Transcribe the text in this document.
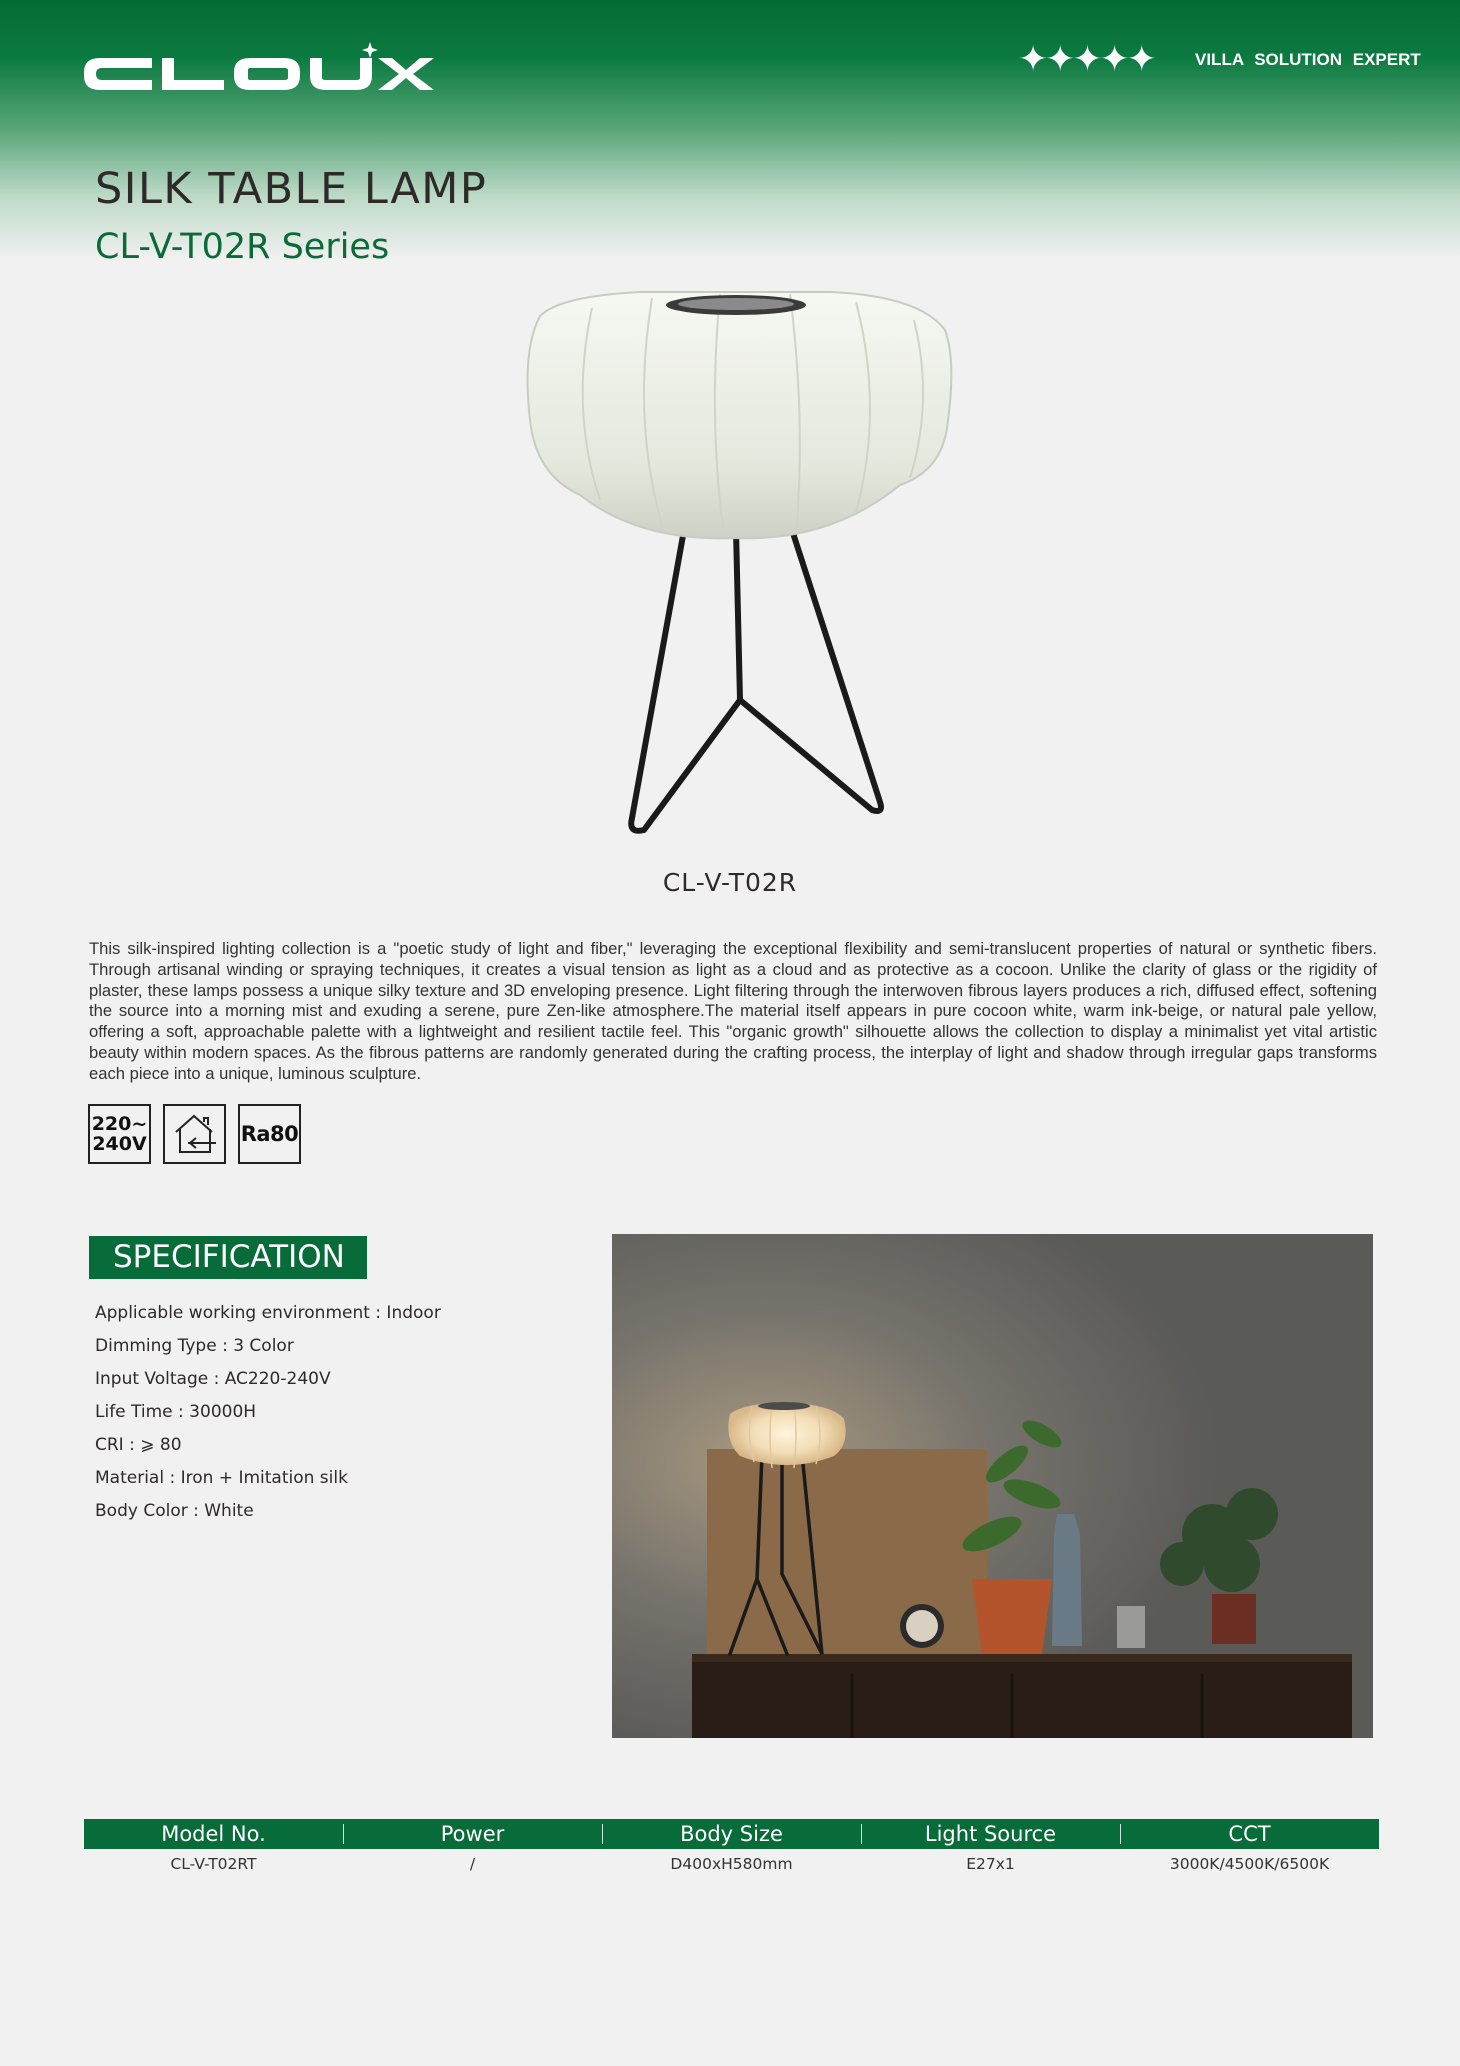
CLOUX	✦✦✦✦✦ VILLA SOLUTION EXPERT
SILK TABLE LAMP
CL-V-T02R Series
CL-V-T02R

This silk-inspired lighting collection is a "poetic study of light and fiber," leveraging the exceptional flexibility and semi-translucent properties of natural or synthetic fibers. Through artisanal winding or spraying techniques, it creates a visual tension as light as a cloud and as protective as a cocoon. Unlike the clarity of glass or the rigidity of plaster, these lamps possess a unique silky texture and 3D enveloping presence. Light filtering through the interwoven fibrous layers produces a rich, diffused effect, softening the source into a morning mist and exuding a serene, pure Zen-like atmosphere.The material itself appears in pure cocoon white, warm ink-beige, or natural pale yellow, offering a soft, approachable palette with a lightweight and resilient tactile feel. This "organic growth" silhouette allows the collection to display a minimalist yet vital artistic beauty within modern spaces. As the fibrous patterns are randomly generated during the crafting process, the interplay of light and shadow through irregular gaps transforms each piece into a unique, luminous sculpture.

220~
240V	Ra80
SPECIFICATION
Applicable working environment : Indoor
Dimming Type : 3 Color
Input Voltage : AC220-240V
Life Time : 30000H
CRI : ⩾ 80
Material : Iron + Imitation silk
Body Color : White
Model No.	Power	Body Size	Light Source	CCT
CL-V-T02RT	/	D400xH580mm	E27x1	3000K/4500K/6500K
